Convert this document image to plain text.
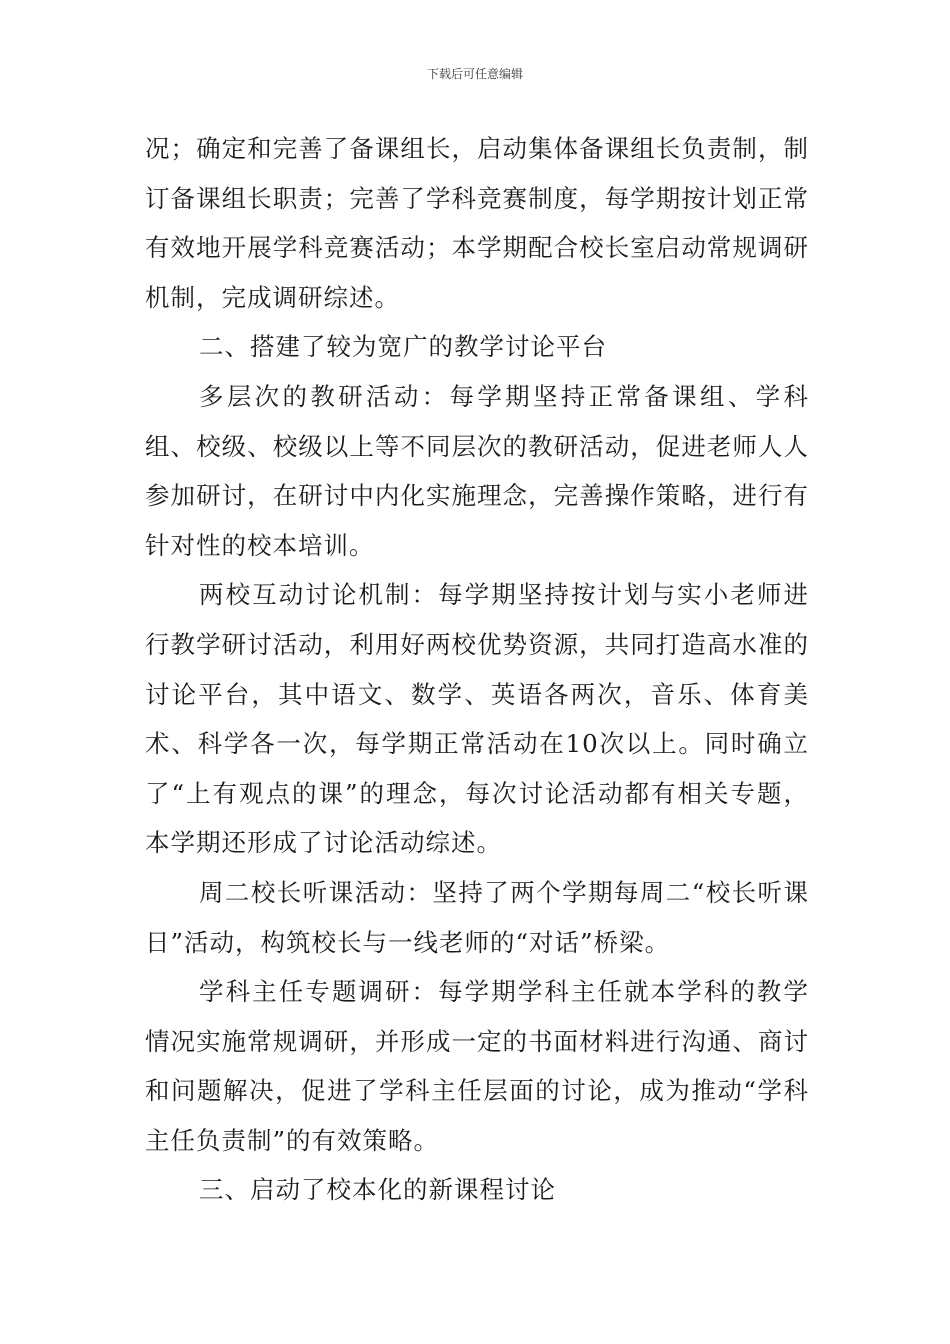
下载后可任意编辑

况；确定和完善了备课组长，启动集体备课组长负责制，制订备课组长职责；完善了学科竞赛制度，每学期按计划正常有效地开展学科竞赛活动；本学期配合校长室启动常规调研机制，完成调研综述。

二、搭建了较为宽广的教学讨论平台

多层次的教研活动：每学期坚持正常备课组、学科组、校级、校级以上等不同层次的教研活动，促进老师人人参加研讨，在研讨中内化实施理念，完善操作策略，进行有针对性的校本培训。

两校互动讨论机制：每学期坚持按计划与实小老师进行教学研讨活动，利用好两校优势资源，共同打造高水准的讨论平台，其中语文、数学、英语各两次，音乐、体育美术、科学各一次，每学期正常活动在10次以上。同时确立了“上有观点的课”的理念，每次讨论活动都有相关专题，本学期还形成了讨论活动综述。

周二校长听课活动：坚持了两个学期每周二“校长听课日”活动，构筑校长与一线老师的“对话”桥梁。

学科主任专题调研：每学期学科主任就本学科的教学情况实施常规调研，并形成一定的书面材料进行沟通、商讨和问题解决，促进了学科主任层面的讨论，成为推动“学科主任负责制”的有效策略。

三、启动了校本化的新课程讨论
